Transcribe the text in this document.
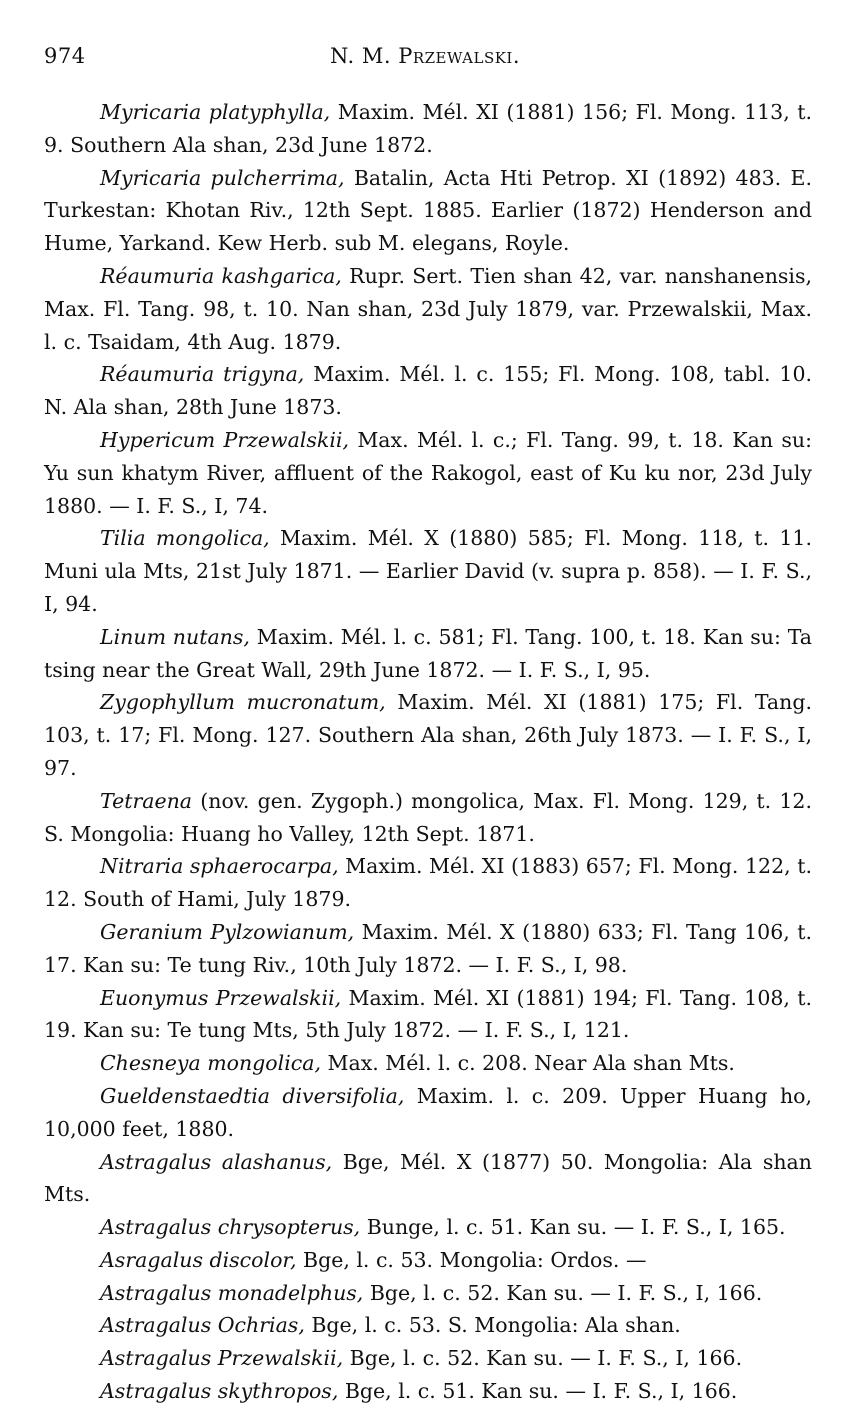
974	N. M. Przewalski.

Myricaria platyphylla, Maxim. Mél. XI (1881) 156; Fl. Mong. 113, t. 9. Southern Ala shan, 23d June 1872.

Myricaria pulcherrima, Batalin, Acta Hti Petrop. XI (1892) 483. E. Turkestan: Khotan Riv., 12th Sept. 1885. Earlier (1872) Henderson and Hume, Yarkand. Kew Herb. sub M. elegans, Royle.

Réaumuria kashgarica, Rupr. Sert. Tien shan 42, var. nanshanensis, Max. Fl. Tang. 98, t. 10. Nan shan, 23d July 1879, var. Przewalskii, Max. l. c. Tsaidam, 4th Aug. 1879.

Réaumuria trigyna, Maxim. Mél. l. c. 155; Fl. Mong. 108, tabl. 10. N. Ala shan, 28th June 1873.

Hypericum Przewalskii, Max. Mél. l. c.; Fl. Tang. 99, t. 18. Kan su: Yu sun khatym River, affluent of the Rakogol, east of Ku ku nor, 23d July 1880. — I. F. S., I, 74.

Tilia mongolica, Maxim. Mél. X (1880) 585; Fl. Mong. 118, t. 11. Muni ula Mts, 21st July 1871. — Earlier David (v. supra p. 858). — I. F. S., I, 94.

Linum nutans, Maxim. Mél. l. c. 581; Fl. Tang. 100, t. 18. Kan su: Ta tsing near the Great Wall, 29th June 1872. — I. F. S., I, 95.

Zygophyllum mucronatum, Maxim. Mél. XI (1881) 175; Fl. Tang. 103, t. 17; Fl. Mong. 127. Southern Ala shan, 26th July 1873. — I. F. S., I, 97.

Tetraena (nov. gen. Zygoph.) mongolica, Max. Fl. Mong. 129, t. 12. S. Mongolia: Huang ho Valley, 12th Sept. 1871.

Nitraria sphaerocarpa, Maxim. Mél. XI (1883) 657; Fl. Mong. 122, t. 12. South of Hami, July 1879.

Geranium Pylzowianum, Maxim. Mél. X (1880) 633; Fl. Tang 106, t. 17. Kan su: Te tung Riv., 10th July 1872. — I. F. S., I, 98.

Euonymus Przewalskii, Maxim. Mél. XI (1881) 194; Fl. Tang. 108, t. 19. Kan su: Te tung Mts, 5th July 1872. — I. F. S., I, 121.

Chesneya mongolica, Max. Mél. l. c. 208. Near Ala shan Mts.

Gueldenstaedtia diversifolia, Maxim. l. c. 209. Upper Huang ho, 10,000 feet, 1880.

Astragalus alashanus, Bge, Mél. X (1877) 50. Mongolia: Ala shan Mts.

Astragalus chrysopterus, Bunge, l. c. 51. Kan su. — I. F. S., I, 165.

Asragalus discolor, Bge, l. c. 53. Mongolia: Ordos. —

Astragalus monadelphus, Bge, l. c. 52. Kan su. — I. F. S., I, 166.

Astragalus Ochrias, Bge, l. c. 53. S. Mongolia: Ala shan.

Astragalus Przewalskii, Bge, l. c. 52. Kan su. — I. F. S., I, 166.

Astragalus skythropos, Bge, l. c. 51. Kan su. — I. F. S., I, 166.
